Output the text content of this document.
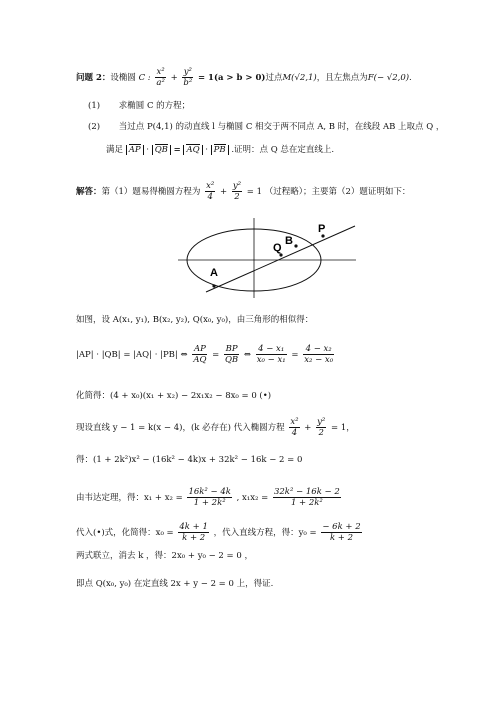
问题 2：设椭圆 C : $\frac{\text{x²}}{\text{a²}} + \frac{\text{y²}}{\text{b²}} = 1(a > b > 0)$过点M(√2,1)，且左焦点为F(− √2,0).
(1) 求椭圆 C 的方程；
(2) 当过点 P(4,1) 的动直线 l 与椭圆 C 相交于两不同点 A, B 时，在线段 AB 上取点 Q ，
满足 AP · QB = AQ · PB .证明：点 Q 总在定直线上.
解答：第（1）题易得椭圆方程为 $\frac{\text{x²}}{4} + \frac{\text{y²}}{2} = 1$ （过程略）；主要第（2）题证明如下：
P
B
Q
A
如图，设 A(x₁, y₁), B(x₂, y₂), Q(x₀, y₀)，由三角形的相似得：
|AP| · |QB| = |AQ| · |PB| ⇔ $\frac{AP}{AQ} = \frac{BP}{QB}$ ⇔ $\frac{\text{4 − x₁}}{\text{x₀ − x₁}} = \frac{\text{4 − x₂}}{\text{x₂ − x₀}}$
化简得：(4 + x₀)(x₁ + x₂) − 2x₁x₂ − 8x₀ = 0 (•)
现设直线 y − 1 = k(x − 4)，(k 必存在) 代入椭圆方程 $\frac{\text{x²}}{4} + \frac{\text{y²}}{2} = 1$，
得：(1 + 2k²)x² − (16k² − 4k)x + 32k² − 16k − 2 = 0
由韦达定理，得：$x_1 + x_2 = \frac{\text{16k² − 4k}}{\text{1 + 2k²}}$ , $x_1x_2 = \frac{\text{32k² − 16k − 2}}{\text{1 + 2k²}}$
代入(•)式，化简得：$x_0 = \frac{4k + 1}{k + 2}$ ，代入直线方程，得：$y_0 = \frac{- 6k + 2}{k + 2}$
两式联立，消去 k ，得：2x₀ + y₀ − 2 = 0 ，
即点 Q(x₀, y₀) 在定直线 2x + y − 2 = 0 上，得证.
